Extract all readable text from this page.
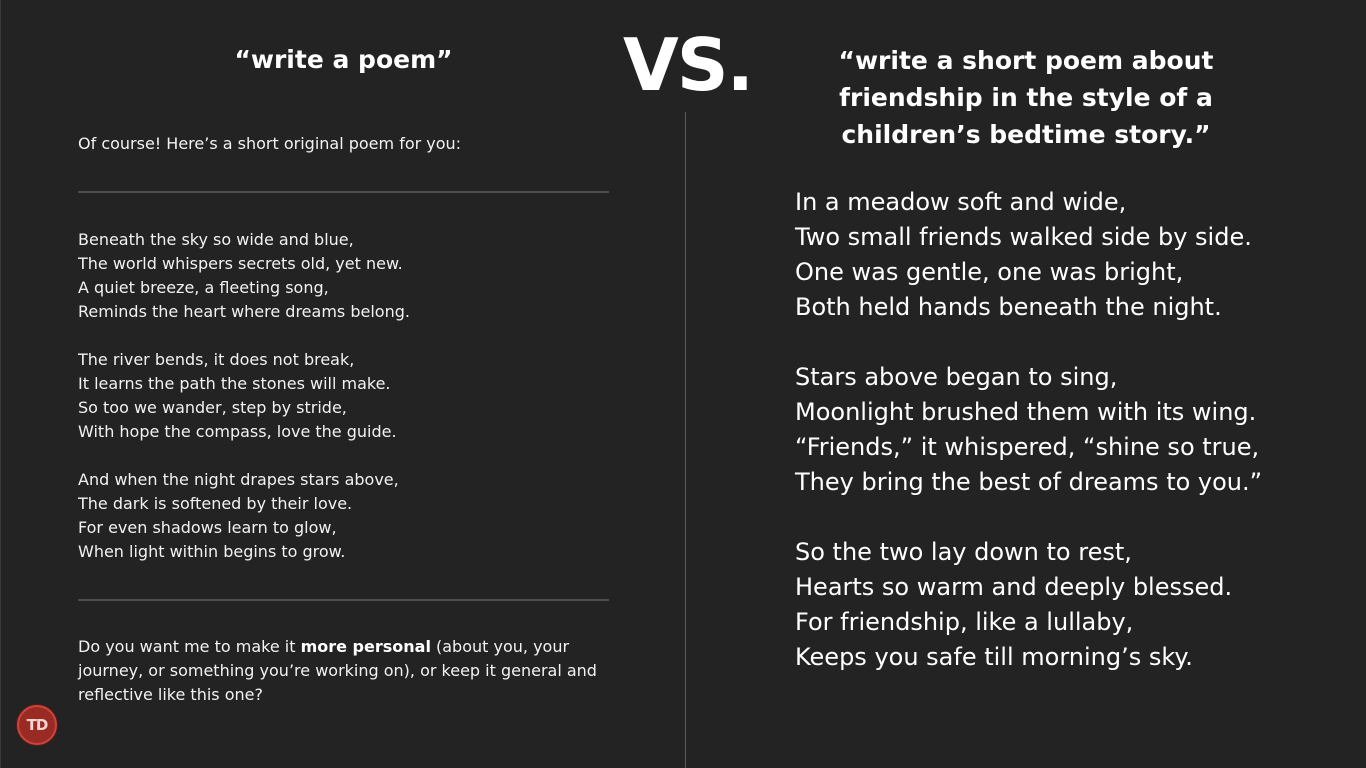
“write a poem”	VS.	“write a short poem about friendship in the style of a children’s bedtime story.”

Of course! Here’s a short original poem for you:

Beneath the sky so wide and blue,
The world whispers secrets old, yet new.
A quiet breeze, a fleeting song,
Reminds the heart where dreams belong.
The river bends, it does not break,
It learns the path the stones will make.
So too we wander, step by stride,
With hope the compass, love the guide.
And when the night drapes stars above,
The dark is softened by their love.
For even shadows learn to glow,
When light within begins to grow.

Do you want me to make it more personal (about you, your journey, or something you’re working on), or keep it general and reflective like this one?

In a meadow soft and wide,
Two small friends walked side by side.
One was gentle, one was bright,
Both held hands beneath the night.
Stars above began to sing,
Moonlight brushed them with its wing.
“Friends,” it whispered, “shine so true,
They bring the best of dreams to you.”
So the two lay down to rest,
Hearts so warm and deeply blessed.
For friendship, like a lullaby,
Keeps you safe till morning’s sky.
TD
